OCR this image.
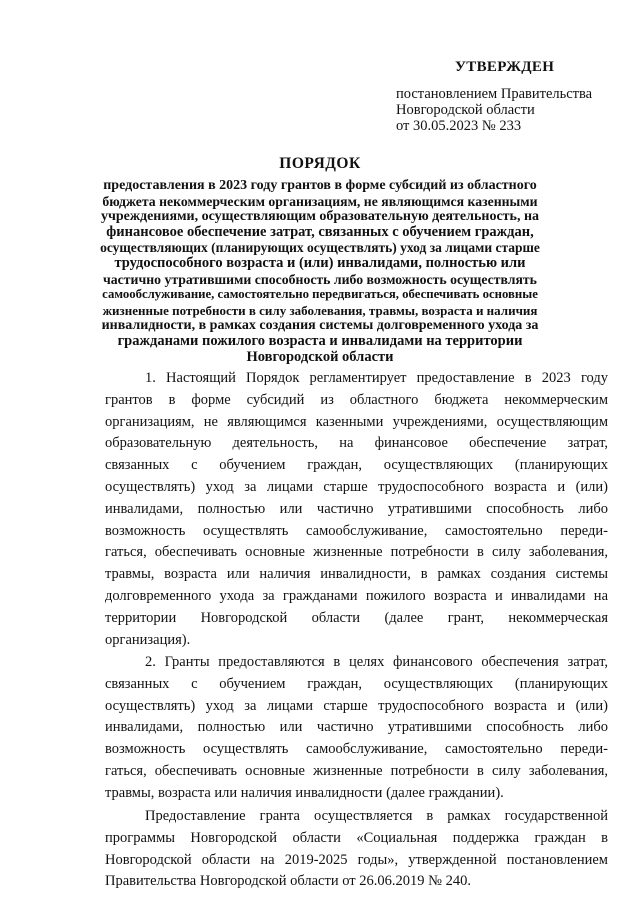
УТВЕРЖДЕН
постановлением Правительства
Новгородской области
от 30.05.2023 № 233
ПОРЯДОК
предоставления в 2023 году грантов в форме субсидий из областного
бюджета некоммерческим организациям, не являющимся казенными
учреждениями, осуществляющим образовательную деятельность, на
финансовое обеспечение затрат, связанных с обучением граждан,
осуществляющих (планирующих осуществлять) уход за лицами старше
трудоспособного возраста и (или) инвалидами, полностью или
частично утратившими способность либо возможность осуществлять
самообслуживание, самостоятельно передвигаться, обеспечивать основные
жизненные потребности в силу заболевания, травмы, возраста и наличия
инвалидности, в рамках создания системы долговременного ухода за
гражданами пожилого возраста и инвалидами на территории
Новгородской области
1. Настоящий Порядок регламентирует предоставление в 2023 году
грантов в форме субсидий из областного бюджета некоммерческим
организациям, не являющимся казенными учреждениями, осуществляющим
образовательную деятельность, на финансовое обеспечение затрат,
связанных с обучением граждан, осуществляющих (планирующих
осуществлять) уход за лицами старше трудоспособного возраста и (или)
инвалидами, полностью или частично утратившими способность либо
возможность осуществлять самообслуживание, самостоятельно переди-
гаться, обеспечивать основные жизненные потребности в силу заболевания,
травмы, возраста или наличия инвалидности, в рамках создания системы
долговременного ухода за гражданами пожилого возраста и инвалидами на
территории Новгородской области (далее грант, некоммерческая
организация).
2. Гранты предоставляются в целях финансового обеспечения затрат,
связанных с обучением граждан, осуществляющих (планирующих
осуществлять) уход за лицами старше трудоспособного возраста и (или)
инвалидами, полностью или частично утратившими способность либо
возможность осуществлять самообслуживание, самостоятельно переди-
гаться, обеспечивать основные жизненные потребности в силу заболевания,
травмы, возраста или наличия инвалидности (далее граждании).
Предоставление гранта осуществляется в рамках государственной
программы Новгородской области «Социальная поддержка граждан в
Новгородской области на 2019-2025 годы», утвержденной постановлением
Правительства Новгородской области от 26.06.2019 № 240.
